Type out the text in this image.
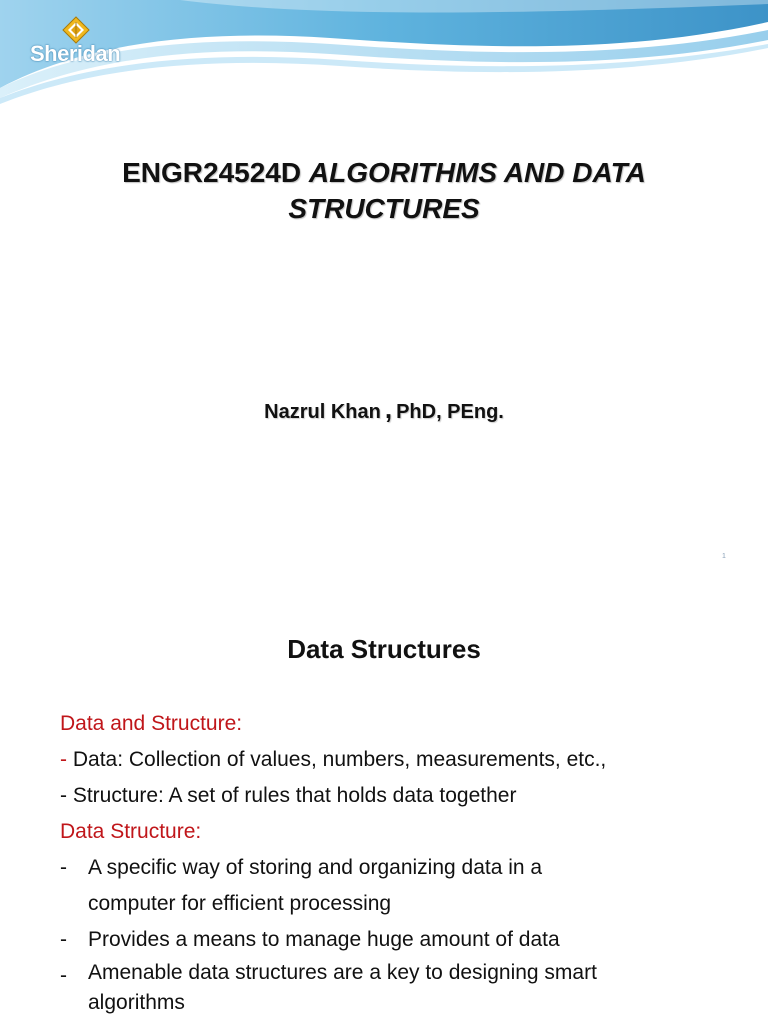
Sheridan
ENGR24524D ALGORITHMS AND DATA
STRUCTURES
Nazrul Khan , PhD, PEng.
1
Data Structures
Data and Structure:
- Data: Collection of values, numbers, measurements, etc.,
- Structure: A set of rules that holds data together
Data Structure:
- A specific way of storing and organizing data in a
computer for efficient processing
- Provides a means to manage huge amount of data
- Amenable data structures are a key to designing smart
algorithms
